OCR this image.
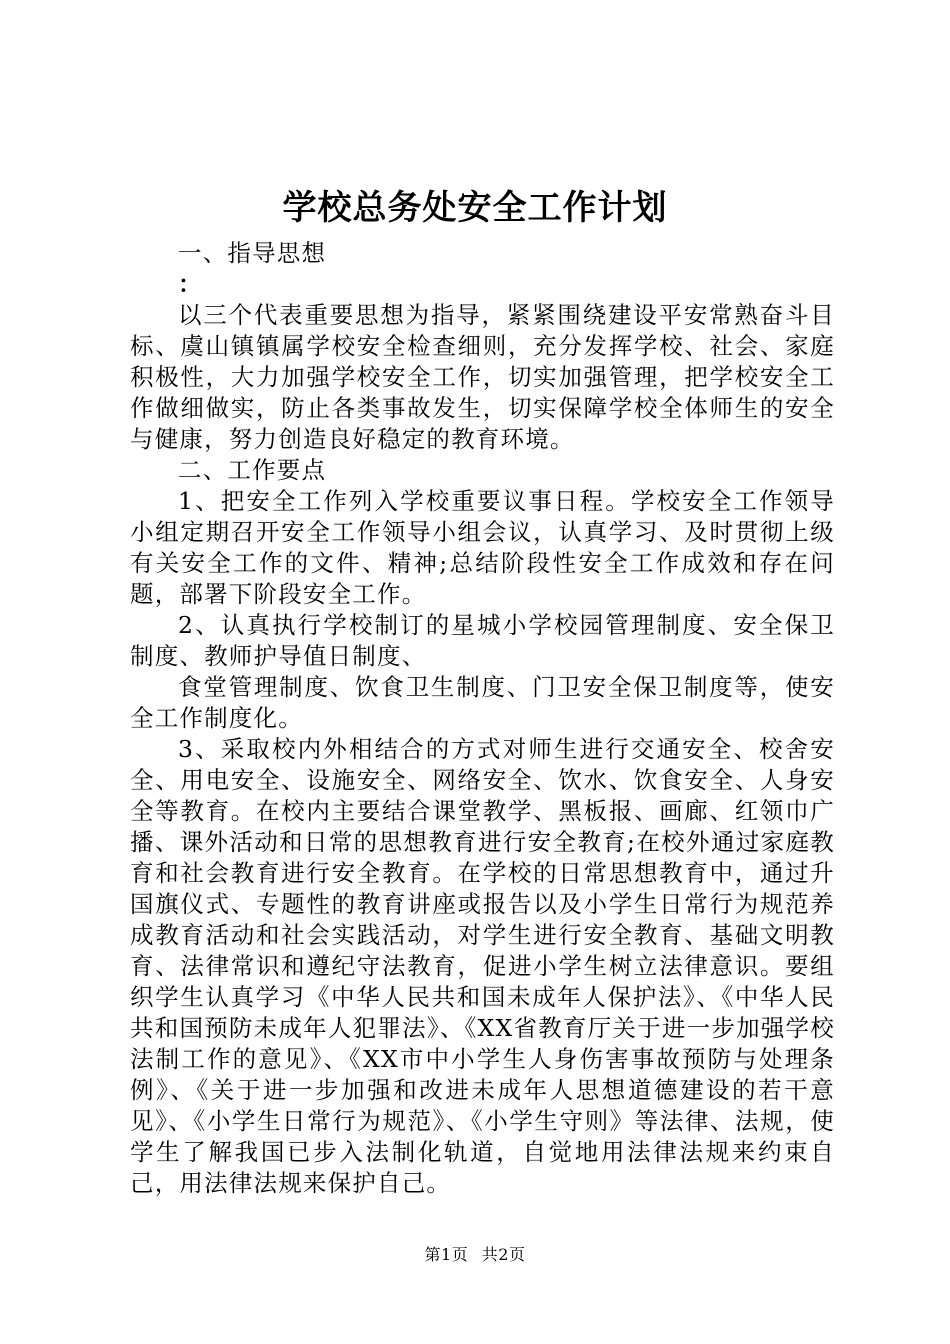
学校总务处安全工作计划

一、指导思想

：

以三个代表重要思想为指导，紧紧围绕建设平安常熟奋斗目标、虞山镇镇属学校安全检查细则，充分发挥学校、社会、家庭积极性，大力加强学校安全工作，切实加强管理，把学校安全工作做细做实，防止各类事故发生，切实保障学校全体师生的安全与健康，努力创造良好稳定的教育环境。

二、工作要点

1、把安全工作列入学校重要议事日程。学校安全工作领导小组定期召开安全工作领导小组会议，认真学习、及时贯彻上级有关安全工作的文件、精神;总结阶段性安全工作成效和存在问题，部署下阶段安全工作。

2、认真执行学校制订的星城小学校园管理制度、安全保卫制度、教师护导值日制度、

食堂管理制度、饮食卫生制度、门卫安全保卫制度等，使安全工作制度化。

3、采取校内外相结合的方式对师生进行交通安全、校舍安全、用电安全、设施安全、网络安全、饮水、饮食安全、人身安全等教育。在校内主要结合课堂教学、黑板报、画廊、红领巾广播、课外活动和日常的思想教育进行安全教育;在校外通过家庭教育和社会教育进行安全教育。在学校的日常思想教育中，通过升国旗仪式、专题性的教育讲座或报告以及小学生日常行为规范养成教育活动和社会实践活动，对学生进行安全教育、基础文明教育、法律常识和遵纪守法教育，促进小学生树立法律意识。要组织学生认真学习《中华人民共和国未成年人保护法》、《中华人民共和国预防未成年人犯罪法》、《XX省教育厅关于进一步加强学校法制工作的意见》、《XX市中小学生人身伤害事故预防与处理条例》、《关于进一步加强和改进未成年人思想道德建设的若干意见》、《小学生日常行为规范》、《小学生守则》等法律、法规，使学生了解我国已步入法制化轨道，自觉地用法律法规来约束自己，用法律法规来保护自己。

第1页 共2页
